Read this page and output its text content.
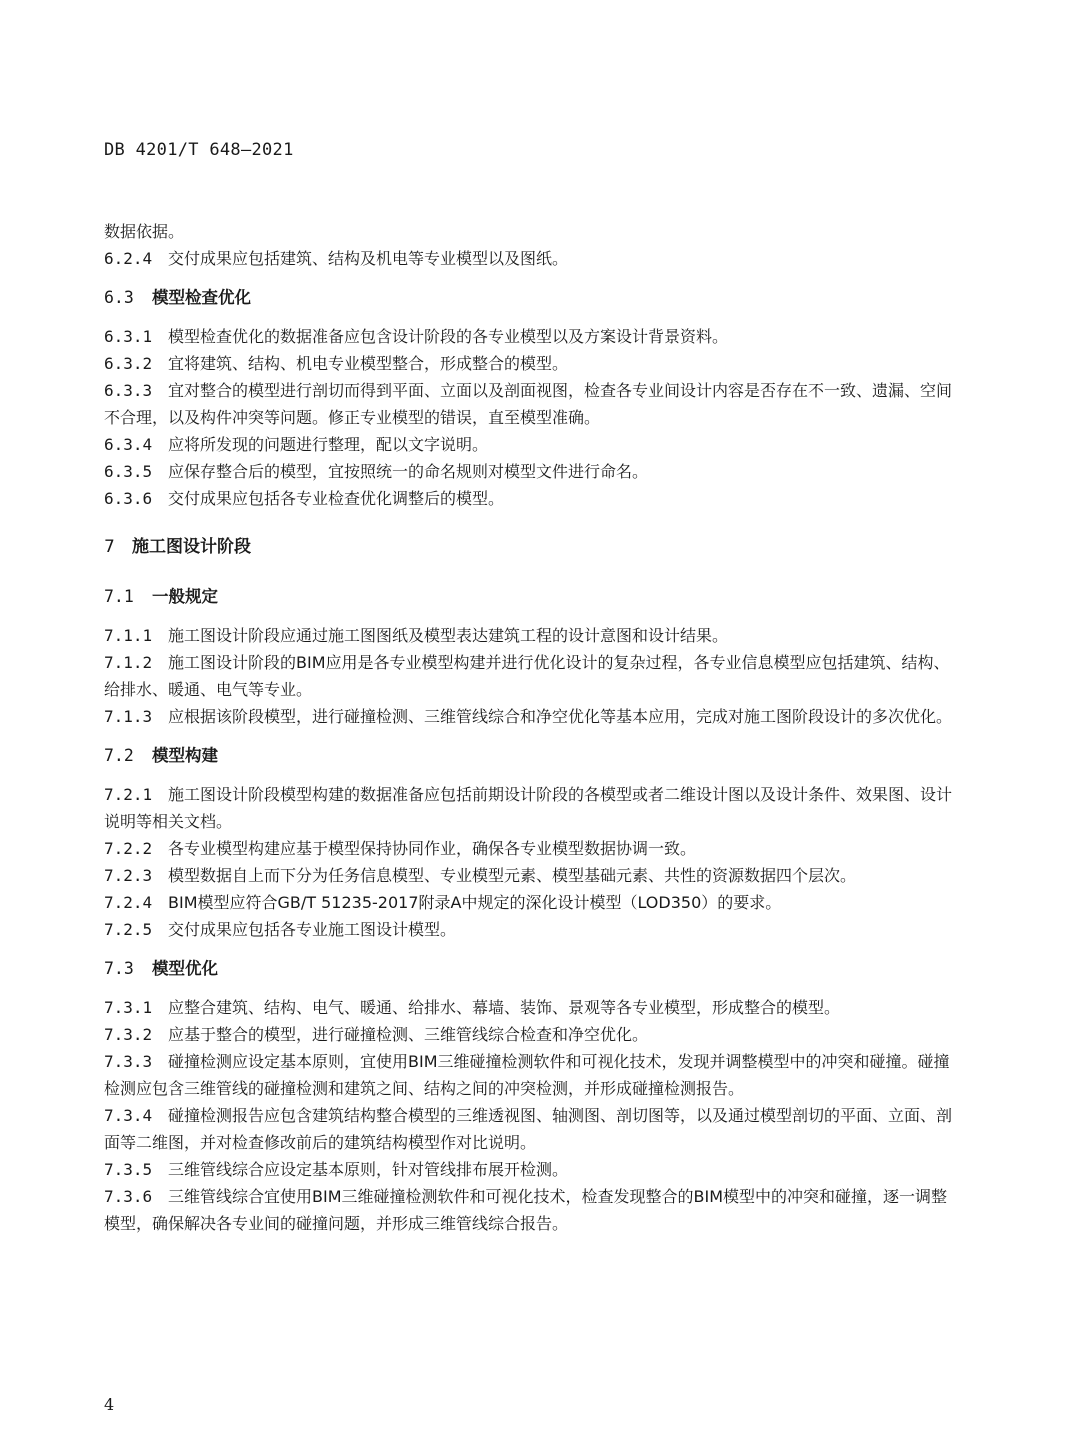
DB 4201/T 648—2021
数据依据。
6.2.4 交付成果应包括建筑、结构及机电等专业模型以及图纸。
6.3 模型检查优化
6.3.1 模型检查优化的数据准备应包含设计阶段的各专业模型以及方案设计背景资料。
6.3.2 宜将建筑、结构、机电专业模型整合，形成整合的模型。
6.3.3 宜对整合的模型进行剖切而得到平面、立面以及剖面视图，检查各专业间设计内容是否存在不一致、遗漏、空间不合理，以及构件冲突等问题。修正专业模型的错误，直至模型准确。
6.3.4 应将所发现的问题进行整理，配以文字说明。
6.3.5 应保存整合后的模型，宜按照统一的命名规则对模型文件进行命名。
6.3.6 交付成果应包括各专业检查优化调整后的模型。
7 施工图设计阶段
7.1 一般规定
7.1.1 施工图设计阶段应通过施工图图纸及模型表达建筑工程的设计意图和设计结果。
7.1.2 施工图设计阶段的BIM应用是各专业模型构建并进行优化设计的复杂过程，各专业信息模型应包括建筑、结构、给排水、暖通、电气等专业。
7.1.3 应根据该阶段模型，进行碰撞检测、三维管线综合和净空优化等基本应用，完成对施工图阶段设计的多次优化。
7.2 模型构建
7.2.1 施工图设计阶段模型构建的数据准备应包括前期设计阶段的各模型或者二维设计图以及设计条件、效果图、设计说明等相关文档。
7.2.2 各专业模型构建应基于模型保持协同作业，确保各专业模型数据协调一致。
7.2.3 模型数据自上而下分为任务信息模型、专业模型元素、模型基础元素、共性的资源数据四个层次。
7.2.4 BIM模型应符合GB/T 51235-2017附录A中规定的深化设计模型（LOD350）的要求。
7.2.5 交付成果应包括各专业施工图设计模型。
7.3 模型优化
7.3.1 应整合建筑、结构、电气、暖通、给排水、幕墙、装饰、景观等各专业模型，形成整合的模型。
7.3.2 应基于整合的模型，进行碰撞检测、三维管线综合检查和净空优化。
7.3.3 碰撞检测应设定基本原则，宜使用BIM三维碰撞检测软件和可视化技术，发现并调整模型中的冲突和碰撞。碰撞检测应包含三维管线的碰撞检测和建筑之间、结构之间的冲突检测，并形成碰撞检测报告。
7.3.4 碰撞检测报告应包含建筑结构整合模型的三维透视图、轴测图、剖切图等，以及通过模型剖切的平面、立面、剖面等二维图，并对检查修改前后的建筑结构模型作对比说明。
7.3.5 三维管线综合应设定基本原则，针对管线排布展开检测。
7.3.6 三维管线综合宜使用BIM三维碰撞检测软件和可视化技术，检查发现整合的BIM模型中的冲突和碰撞，逐一调整模型，确保解决各专业间的碰撞问题，并形成三维管线综合报告。
4
